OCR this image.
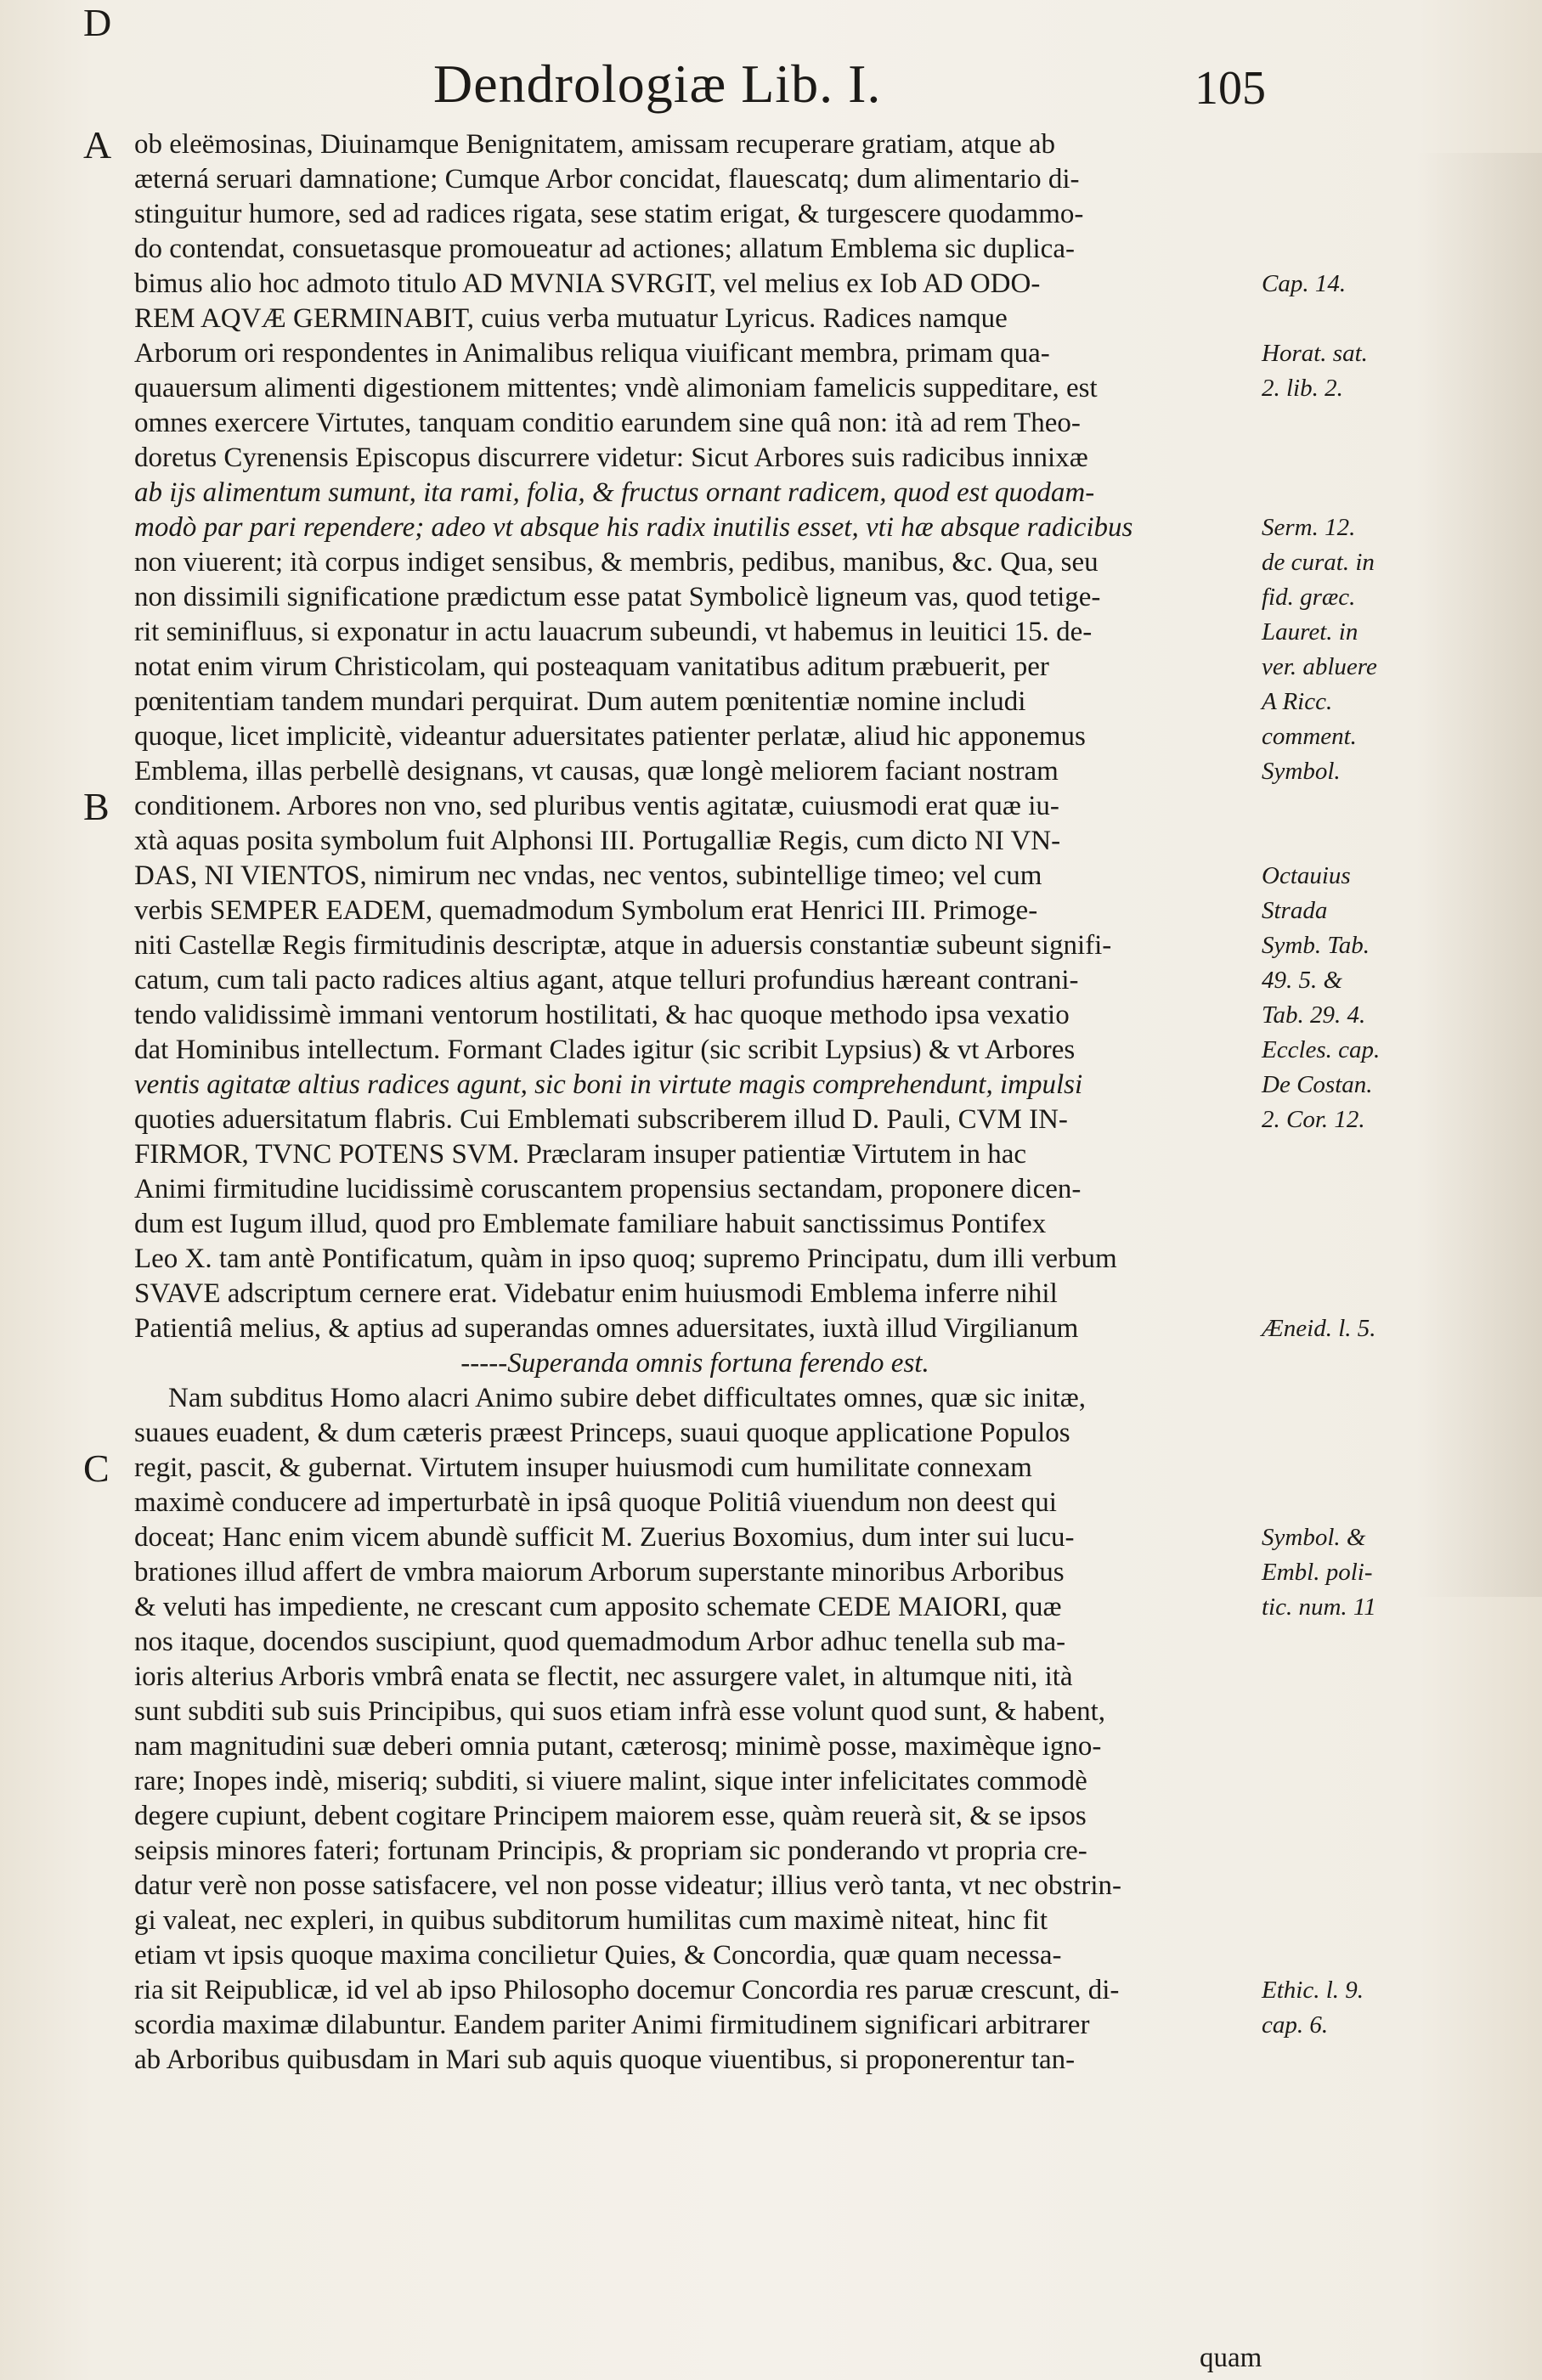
Dendrologiæ Lib. I.	105
ob eleëmosinas, Diuinamque Benignitatem, amissam recuperare gratiam, atque ab
æterná seruari damnatione; Cumque Arbor concidat, flauescatq; dum alimentario di-
stinguitur humore, sed ad radices rigata, sese statim erigat, & turgescere quodammo-
do contendat, consuetasque promoueatur ad actiones; allatum Emblema sic duplica-
bimus alio hoc admoto titulo AD MVNIA SVRGIT, vel melius ex Iob AD ODO-
REM AQVÆ GERMINABIT, cuius verba mutuatur Lyricus. Radices namque
Arborum ori respondentes in Animalibus reliqua viuificant membra, primam qua-
quauersum alimenti digestionem mittentes; vndè alimoniam famelicis suppeditare, est
omnes exercere Virtutes, tanquam conditio earundem sine quâ non: ità ad rem Theo-
doretus Cyrenensis Episcopus discurrere videtur: Sicut Arbores suis radicibus innixæ
ab ijs alimentum sumunt, ita rami, folia, & fructus ornant radicem, quod est quodam-
modò par pari rependere; adeo vt absque his radix inutilis esset, vti hæ absque radicibus
non viuerent; ità corpus indiget sensibus, & membris, pedibus, manibus, &c. Qua, seu
non dissimili significatione prædictum esse patat Symbolicè ligneum vas, quod tetige-
rit seminifluus, si exponatur in actu lauacrum subeundi, vt habemus in leuitici 15. de-
notat enim virum Christicolam, qui posteaquam vanitatibus aditum præbuerit, per
pœnitentiam tandem mundari perquirat. Dum autem pœnitentiæ nomine includi
quoque, licet implicitè, videantur aduersitates patienter perlatæ, aliud hic apponemus
Emblema, illas perbellè designans, vt causas, quæ longè meliorem faciant nostram
conditionem. Arbores non vno, sed pluribus ventis agitatæ, cuiusmodi erat quæ iu-
xtà aquas posita symbolum fuit Alphonsi III. Portugalliæ Regis, cum dicto NI VN-
DAS, NI VIENTOS, nimirum nec vndas, nec ventos, subintellige timeo; vel cum
verbis SEMPER EADEM, quemadmodum Symbolum erat Henrici III. Primoge-
niti Castellæ Regis firmitudinis descriptæ, atque in aduersis constantiæ subeunt signifi-
catum, cum tali pacto radices altius agant, atque telluri profundius hæreant contrani-
tendo validissimè immani ventorum hostilitati, & hac quoque methodo ipsa vexatio
dat Hominibus intellectum. Formant Clades igitur (sic scribit Lypsius) & vt Arbores
ventis agitatæ altius radices agunt, sic boni in virtute magis comprehendunt, impulsi
quoties aduersitatum flabris. Cui Emblemati subscriberem illud D. Pauli, CVM IN-
FIRMOR, TVNC POTENS SVM. Præclaram insuper patientiæ Virtutem in hac
Animi firmitudine lucidissimè coruscantem propensius sectandam, proponere dicen-
dum est Iugum illud, quod pro Emblemate familiare habuit sanctissimus Pontifex
Leo X. tam antè Pontificatum, quàm in ipso quoq; supremo Principatu, dum illi verbum
SVAVE adscriptum cernere erat. Videbatur enim huiusmodi Emblema inferre nihil
Patientiâ melius, & aptius ad superandas omnes aduersitates, iuxtà illud Virgilianum
-----Superanda omnis fortuna ferendo est.
Nam subditus Homo alacri Animo subire debet difficultates omnes, quæ sic initæ,
suaues euadent, & dum cæteris præest Princeps, suaui quoque applicatione Populos
regit, pascit, & gubernat. Virtutem insuper huiusmodi cum humilitate connexam
maximè conducere ad imperturbatè in ipsâ quoque Politiâ viuendum non deest qui
doceat; Hanc enim vicem abundè sufficit M. Zuerius Boxomius, dum inter sui lucu-
brationes illud affert de vmbra maiorum Arborum superstante minoribus Arboribus
& veluti has impediente, ne crescant cum apposito schemate CEDE MAIORI, quæ
nos itaque, docendos suscipiunt, quod quemadmodum Arbor adhuc tenella sub ma-
ioris alterius Arboris vmbrâ enata se flectit, nec assurgere valet, in altumque niti, ità
sunt subditi sub suis Principibus, qui suos etiam infrà esse volunt quod sunt, & habent,
nam magnitudini suæ deberi omnia putant, cæterosq; minimè posse, maximèque igno-
rare; Inopes indè, miseriq; subditi, si viuere malint, sique inter infelicitates commodè
degere cupiunt, debent cogitare Principem maiorem esse, quàm reuerà sit, & se ipsos
seipsis minores fateri; fortunam Principis, & propriam sic ponderando vt propria cre-
datur verè non posse satisfacere, vel non posse videatur; illius verò tanta, vt nec obstrin-
gi valeat, nec expleri, in quibus subditorum humilitas cum maximè niteat, hinc fit
etiam vt ipsis quoque maxima concilietur Quies, & Concordia, quæ quam necessa-
ria sit Reipublicæ, id vel ab ipso Philosopho docemur Concordia res paruæ crescunt, di-
scordia maximæ dilabuntur. Eandem pariter Animi firmitudinem significari arbitrarer
ab Arboribus quibusdam in Mari sub aquis quoque viuentibus, si proponerentur tan-
A
B
C
D
Cap. 14.
Horat. sat.
2. lib. 2.
Serm. 12.
de curat. in
fid. græc.
Lauret. in
ver. abluere
A Ricc.
comment.
Symbol.
Octauius
Strada
Symb. Tab.
49. 5. &
Tab. 29. 4.
Eccles. cap.
De Costan.
2. Cor. 12.
Æneid. l. 5.
Symbol. &
Embl. poli-
tic. num. 11
Ethic. l. 9.
cap. 6.
quam
